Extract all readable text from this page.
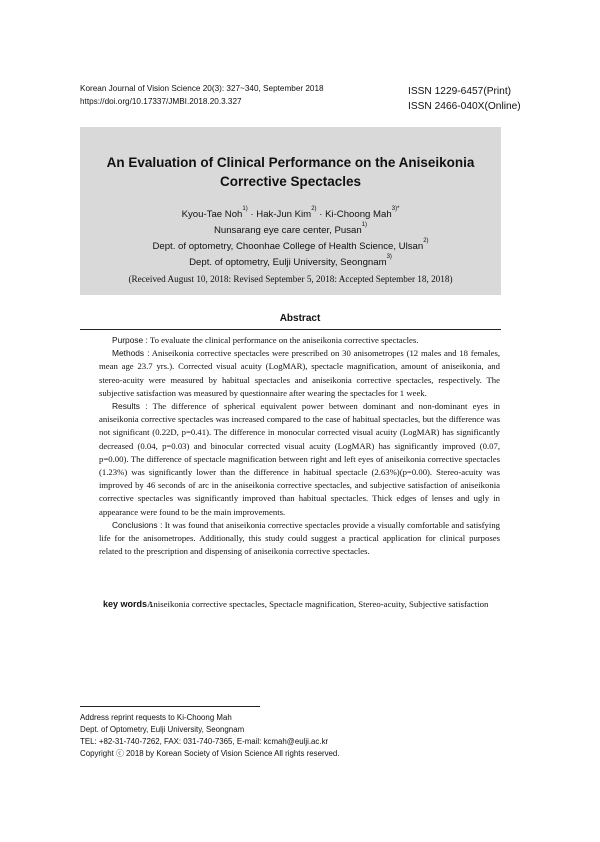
Korean Journal of Vision Science 20(3): 327~340, September 2018
https://doi.org/10.17337/JMBI.2018.20.3.327
ISSN 1229-6457(Print)
ISSN 2466-040X(Online)
An Evaluation of Clinical Performance on the Aniseikonia
Corrective Spectacles
Kyou-Tae Noh$^{1)}$ · Hak-Jun Kim$^{2)}$ · Ki-Choong Mah$^{3)*}$
Nunsarang eye care center, Pusan$^{1)}$
Dept. of optometry, Choonhae College of Health Science, Ulsan$^{2)}$
Dept. of optometry, Eulji University, Seongnam$^{3)}$
(Received August 10, 2018: Revised September 5, 2018: Accepted September 18, 2018)
Abstract

Purpose : To evaluate the clinical performance on the aniseikonia corrective spectacles.

Methods : Aniseikonia corrective spectacles were prescribed on 30 anisometropes (12 males and 18 females, mean age 23.7 yrs.). Corrected visual acuity (LogMAR), spectacle magnification, amount of aniseikonia, and stereo-acuity were measured by habitual spectacles and aniseikonia corrective spectacles, respectively. The subjective satisfaction was measured by questionnaire after wearing the spectacles for 1 week.

Results : The difference of spherical equivalent power between dominant and non-dominant eyes in aniseikonia corrective spectacles was increased compared to the case of habitual spectacles, but the difference was not significant (0.22D, p=0.41). The difference in monocular corrected visual acuity (LogMAR) has significantly decreased (0.04, p=0.03) and binocular corrected visual acuity (LogMAR) has significantly improved (0.07, p=0.00). The difference of spectacle magnification between right and left eyes of aniseikonia corrective spectacles (1.23%) was significantly lower than the difference in habitual spectacle (2.63%)(p=0.00). Stereo-acuity was improved by 46 seconds of arc in the aniseikonia corrective spectacles, and subjective satisfaction of aniseikonia corrective spectacles was significantly improved than habitual spectacles. Thick edges of lenses and ugly in appearance were found to be the main improvements.

Conclusions : It was found that aniseikonia corrective spectacles provide a visually comfortable and satisfying life for the anisometropes. Additionally, this study could suggest a practical application for clinical purposes related to the prescription and dispensing of aniseikonia corrective spectacles.

key words :
Aniseikonia corrective spectacles, Spectacle magnification, Stereo-acuity, Subjective satisfaction
Address reprint requests to Ki-Choong Mah
Dept. of Optometry, Eulji University, Seongnam
TEL: +82-31-740-7262, FAX: 031-740-7365, E-mail: kcmah@eulji.ac.kr
Copyright ⓒ 2018 by Korean Society of Vision Science All rights reserved.
